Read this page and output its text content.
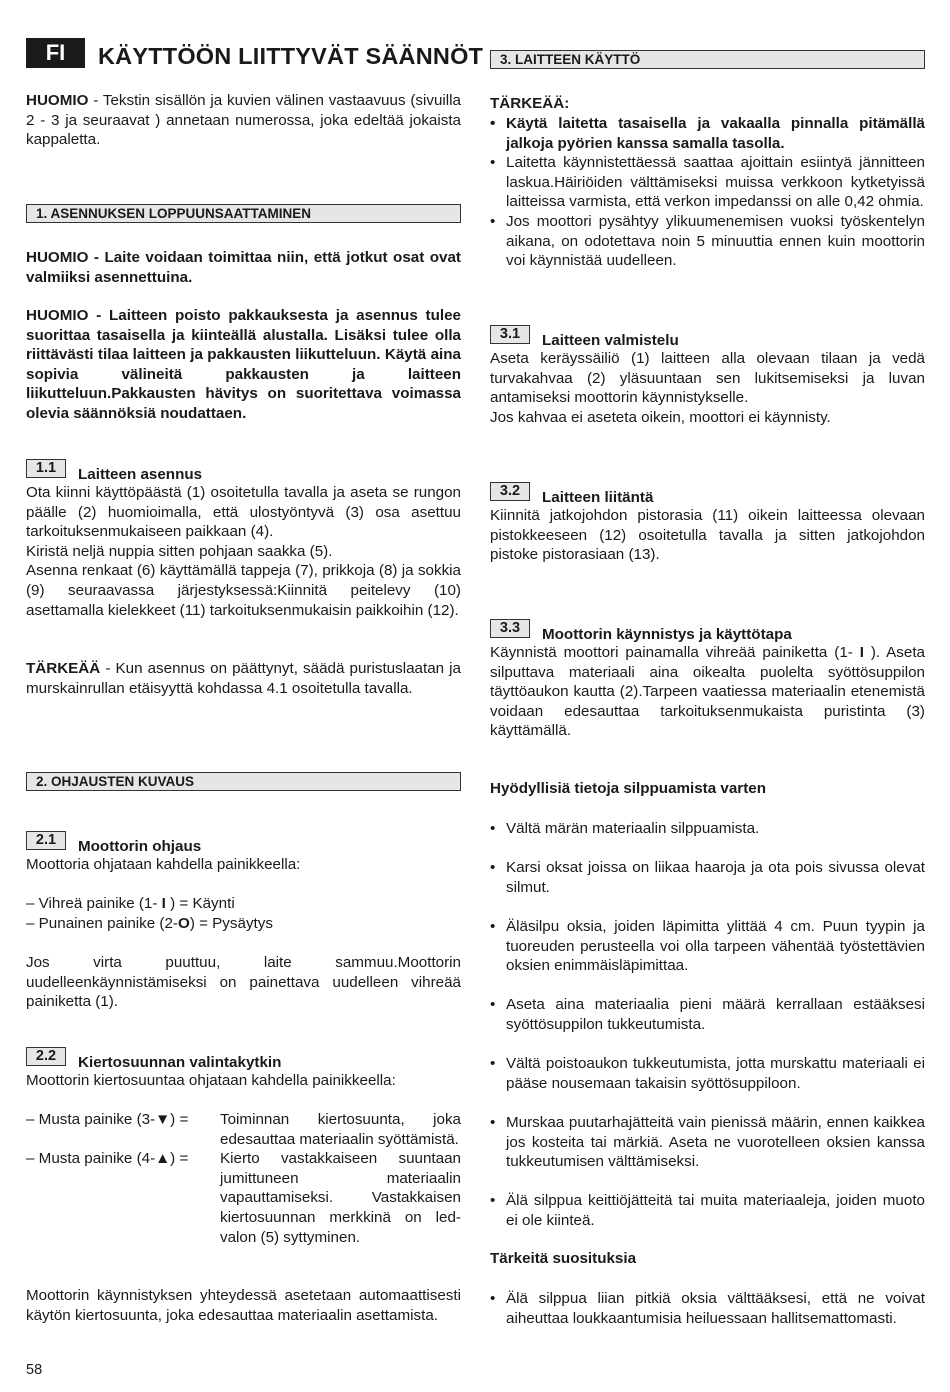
FI	KÄYTTÖÖN LIITTYVÄT SÄÄNNÖT

HUOMIO - Tekstin sisällön ja kuvien välinen vastaavuus (sivuilla 2 - 3 ja seuraavat ) annetaan numerossa, joka edeltää jokaista kappaletta.

1. ASENNUKSEN LOPPUUNSAATTAMINEN

HUOMIO - Laite voidaan toimittaa niin, että jotkut osat ovat valmiiksi asennettuina.

HUOMIO - Laitteen poisto pakkauksesta ja asennus tulee suorittaa tasaisella ja kiinteällä alustalla. Lisäksi tulee olla riittävästi tilaa laitteen ja pakkausten liikutteluun. Käytä aina sopivia välineitä pakkausten ja laitteen liikutteluun.Pakkausten hävitys on suoritettava voimassa olevia säännöksiä noudattaen.

1.1	Laitteen asennus

Ota kiinni käyttöpäästä (1) osoitetulla tavalla ja aseta se rungon päälle (2) huomioimalla, että ulostyöntyvä (3) osa asettuu tarkoituksenmukaiseen paikkaan (4).
Kiristä neljä nuppia sitten pohjaan saakka (5).
Asenna renkaat (6) käyttämällä tappeja (7), prikkoja (8) ja sokkia (9) seuraavassa järjestyksessä:Kiinnitä peitelevy (10) asettamalla kielekkeet (11) tarkoituksenmukaisin paikkoihin (12).

TÄRKEÄÄ - Kun asennus on päättynyt, säädä puristuslaatan ja murskainrullan etäisyyttä kohdassa 4.1 osoitetulla tavalla.

2. OHJAUSTEN KUVAUS
2.1	Moottorin ohjaus

Moottoria ohjataan kahdella painikkeella:

– Vihreä painike (1- I ) = Käynti
– Punainen painike (2-O) = Pysäytys

Jos virta puuttuu, laite sammuu.Moottorin uudelleenkäynnistämiseksi on painettava uudelleen vihreää painiketta (1).

2.2	Kiertosuunnan valintakytkin

Moottorin kiertosuuntaa ohjataan kahdella painikkeella:

– Musta painike (3-▼) =	Toiminnan kiertosuunta, joka edesauttaa materiaalin syöttämistä.
– Musta painike (4-▲) =	Kierto vastakkaiseen suuntaan jumittuneen materiaalin vapauttamiseksi. Vastakkaisen kiertosuunnan merkkinä on led-valon (5) syttyminen.

Moottorin käynnistyksen yhteydessä asetetaan automaattisesti käytön kiertosuunta, joka edesauttaa materiaalin asettamista.

3. LAITTEEN KÄYTTÖ

TÄRKEÄÄ:

• Käytä laitetta tasaisella ja vakaalla pinnalla pitämällä jalkoja pyörien kanssa samalla tasolla.
• Laitetta käynnistettäessä saattaa ajoittain esiintyä jännitteen laskua.Häiriöiden välttämiseksi muissa verkkoon kytketyissä laitteissa varmista, että verkon impedanssi on alle 0,42 ohmia.
• Jos moottori pysähtyy ylikuumenemisen vuoksi työskentelyn aikana, on odotettava noin 5 minuuttia ennen kuin moottorin voi käynnistää uudelleen.
3.1	Laitteen valmistelu

Aseta keräyssäiliö (1) laitteen alla olevaan tilaan ja vedä turvakahvaa (2) yläsuuntaan sen lukitsemiseksi ja luvan antamiseksi moottorin käynnistykselle.

Jos kahvaa ei aseteta oikein, moottori ei käynnisty.

3.2	Laitteen liitäntä

Kiinnitä jatkojohdon pistorasia (11) oikein laitteessa olevaan pistokkeeseen (12) osoitetulla tavalla ja sitten jatkojohdon pistoke pistorasiaan (13).

3.3	Moottorin käynnistys ja käyttötapa

Käynnistä moottori painamalla vihreää painiketta (1- I ). Aseta silputtava materiaali aina oikealta puolelta syöttösuppilon täyttöaukon kautta (2).Tarpeen vaatiessa materiaalin etenemistä voidaan edesauttaa tarkoituksenmukaista puristinta (3) käyttämällä.

Hyödyllisiä tietoja silppuamista varten

• Vältä märän materiaalin silppuamista.
• Karsi oksat joissa on liikaa haaroja ja ota pois sivussa olevat silmut.
• Äläsilpu oksia, joiden läpimitta ylittää 4 cm. Puun tyypin ja tuoreuden perusteella voi olla tarpeen vähentää työstettävien oksien enimmäisläpimittaa.
• Aseta aina materiaalia pieni määrä kerrallaan estääksesi syöttösuppilon tukkeutumista.
• Vältä poistoaukon tukkeutumista, jotta murskattu materiaali ei pääse nousemaan takaisin syöttösuppiloon.
• Murskaa puutarhajätteitä vain pienissä määrin, ennen kaikkea jos kosteita tai märkiä. Aseta ne vuorotelleen oksien kanssa tukkeutumisen välttämiseksi.
• Älä silppua keittiöjätteitä tai muita materiaaleja, joiden muoto ei ole kiinteä.

Tärkeitä suosituksia

• Älä silppua liian pitkiä oksia välttääksesi, että ne voivat aiheuttaa loukkaantumisia heiluessaan hallitsemattomasti.
58
